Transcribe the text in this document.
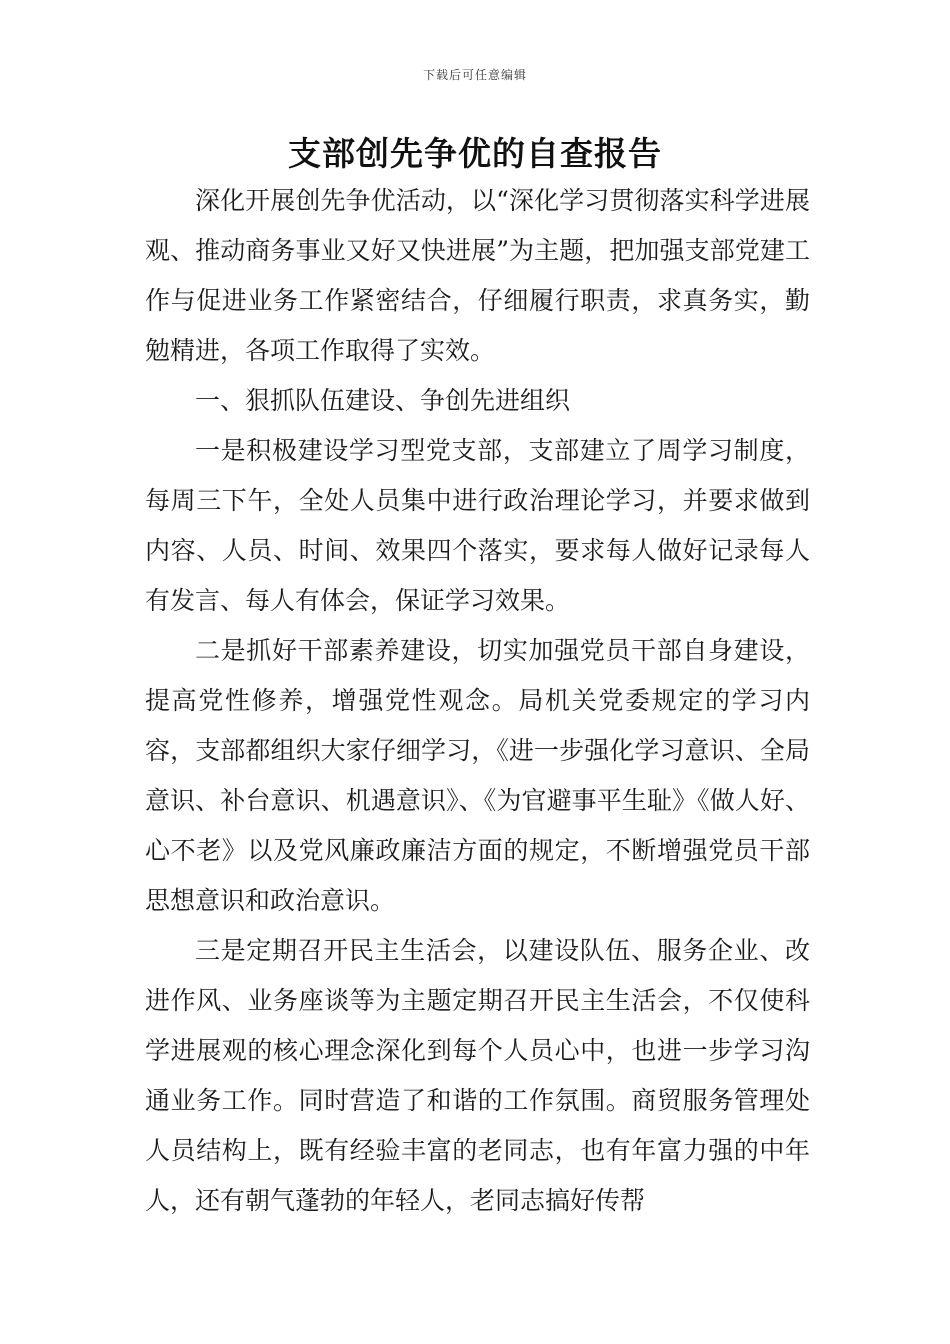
下载后可任意编辑
支部创先争优的自查报告

深化开展创先争优活动，以“深化学习贯彻落实科学进展观、推动商务事业又好又快进展”为主题，把加强支部党建工作与促进业务工作紧密结合，仔细履行职责，求真务实，勤勉精进，各项工作取得了实效。

一、狠抓队伍建设、争创先进组织

一是积极建设学习型党支部，支部建立了周学习制度，每周三下午，全处人员集中进行政治理论学习，并要求做到内容、人员、时间、效果四个落实，要求每人做好记录每人有发言、每人有体会，保证学习效果。

二是抓好干部素养建设，切实加强党员干部自身建设，提高党性修养，增强党性观念。局机关党委规定的学习内容，支部都组织大家仔细学习，《进一步强化学习意识、全局意识、补台意识、机遇意识》、《为官避事平生耻》《做人好、心不老》以及党风廉政廉洁方面的规定，不断增强党员干部思想意识和政治意识。

三是定期召开民主生活会，以建设队伍、服务企业、改进作风、业务座谈等为主题定期召开民主生活会，不仅使科学进展观的核心理念深化到每个人员心中，也进一步学习沟通业务工作。同时营造了和谐的工作氛围。商贸服务管理处人员结构上，既有经验丰富的老同志，也有年富力强的中年人，还有朝气蓬勃的年轻人，老同志搞好传帮
